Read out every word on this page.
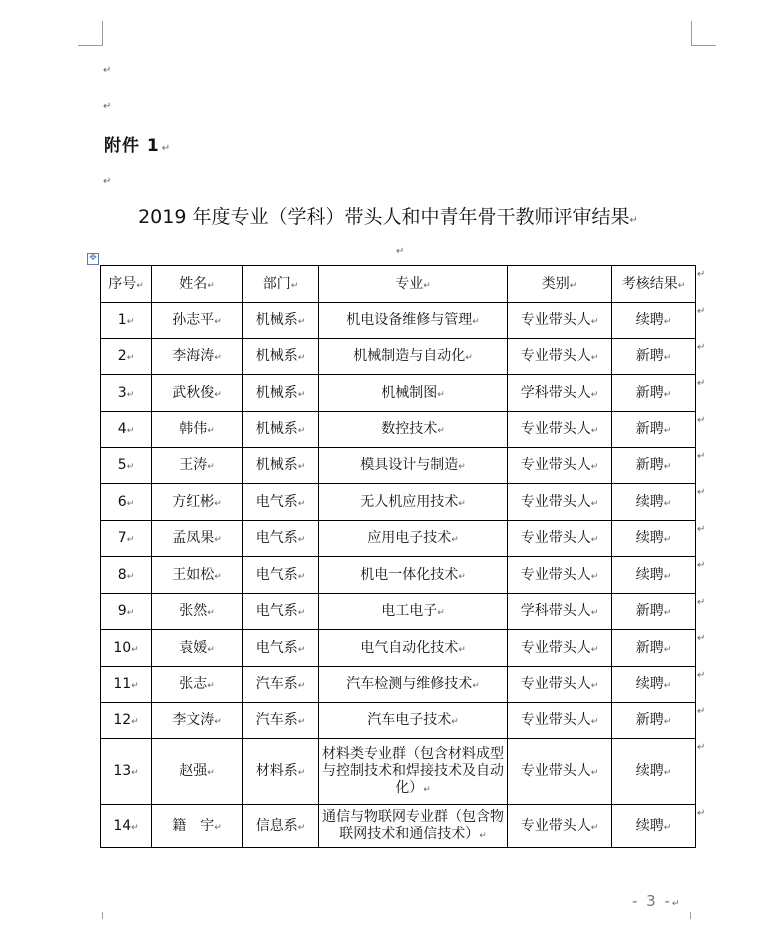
↵
↵
↵
附件 1 ↵
2019 年度专业（学科）带头人和中青年骨干教师评审结果↵
↵
✥
序号↵	姓名↵	部门↵	专业↵	类别↵	考核结果↵
1↵	孙志平↵	机械系↵	机电设备维修与管理↵	专业带头人↵	续聘↵
2↵	李海涛↵	机械系↵	机械制造与自动化↵	专业带头人↵	新聘↵
3↵	武秋俊↵	机械系↵	机械制图↵	学科带头人↵	新聘↵
4↵	韩伟↵	机械系↵	数控技术↵	专业带头人↵	新聘↵
5↵	王涛↵	机械系↵	模具设计与制造↵	专业带头人↵	新聘↵
6↵	方红彬↵	电气系↵	无人机应用技术↵	专业带头人↵	续聘↵
7↵	孟凤果↵	电气系↵	应用电子技术↵	专业带头人↵	续聘↵
8↵	王如松↵	电气系↵	机电一体化技术↵	专业带头人↵	续聘↵
9↵	张然↵	电气系↵	电工电子↵	学科带头人↵	新聘↵
10↵	袁媛↵	电气系↵	电气自动化技术↵	专业带头人↵	新聘↵
11↵	张志↵	汽车系↵	汽车检测与维修技术↵	专业带头人↵	续聘↵
12↵	李文涛↵	汽车系↵	汽车电子技术↵	专业带头人↵	新聘↵
13↵	赵强↵	材料系↵	材料类专业群（包含材料成型与控制技术和焊接技术及自动化）↵	专业带头人↵	续聘↵
14↵	籍　宇↵	信息系↵	通信与物联网专业群（包含物联网技术和通信技术）↵	专业带头人↵	续聘↵
↵
↵
↵
↵
↵
↵
↵
↵
↵
↵
↵
↵
↵
↵
↵
- 3 -↵
